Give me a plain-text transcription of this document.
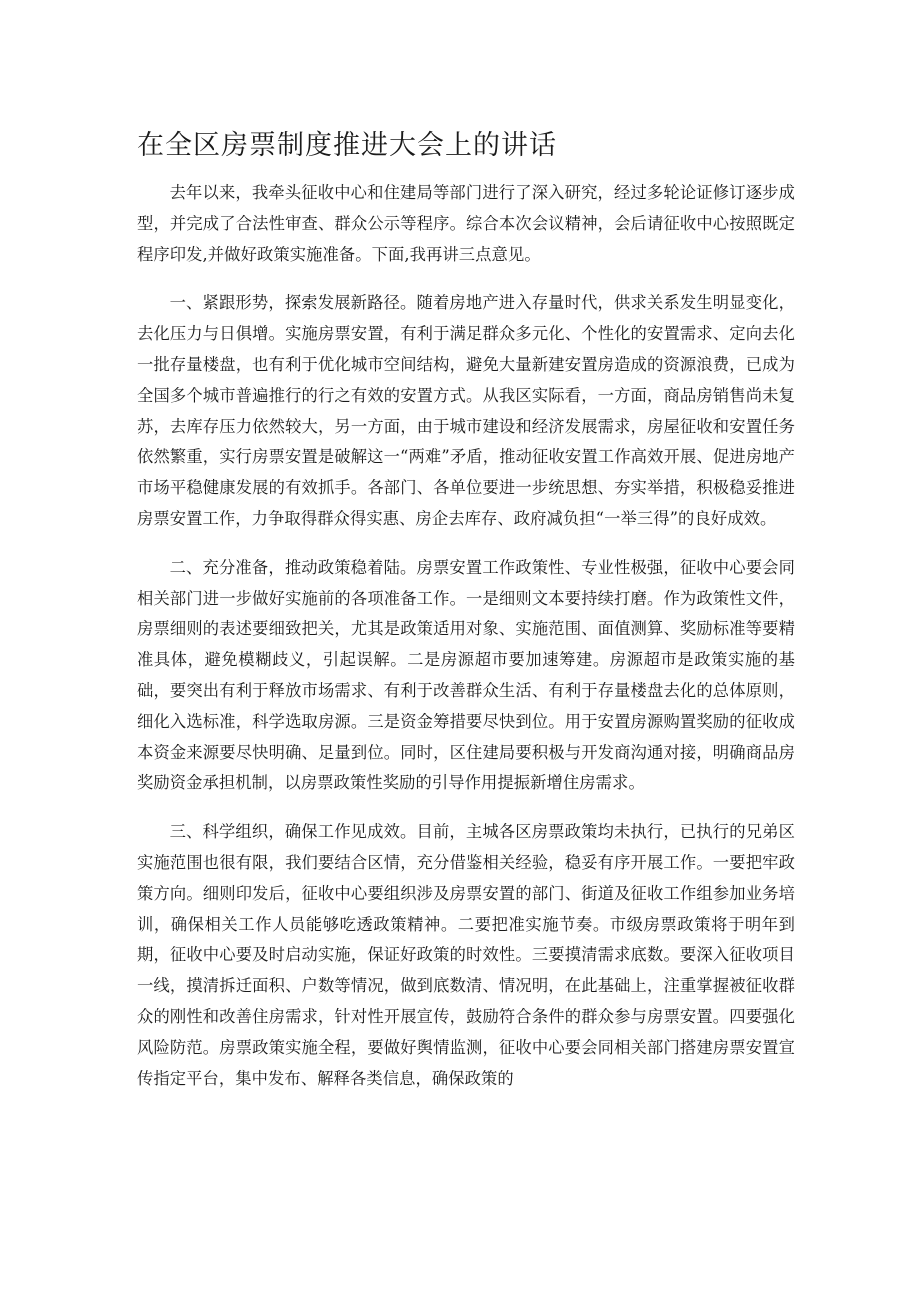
在全区房票制度推进大会上的讲话

去年以来，我牵头征收中心和住建局等部门进行了深入研究，经过多轮论证修订逐步成型，并完成了合法性审查、群众公示等程序。综合本次会议精神，会后请征收中心按照既定程序印发,并做好政策实施准备。下面,我再讲三点意见。

一、紧跟形势，探索发展新路径。随着房地产进入存量时代，供求关系发生明显变化，去化压力与日俱增。实施房票安置，有利于满足群众多元化、个性化的安置需求、定向去化一批存量楼盘，也有利于优化城市空间结构，避免大量新建安置房造成的资源浪费，已成为全国多个城市普遍推行的行之有效的安置方式。从我区实际看，一方面，商品房销售尚未复苏，去库存压力依然较大，另一方面，由于城市建设和经济发展需求，房屋征收和安置任务依然繁重，实行房票安置是破解这一“两难”矛盾，推动征收安置工作高效开展、促进房地产市场平稳健康发展的有效抓手。各部门、各单位要进一步统思想、夯实举措，积极稳妥推进房票安置工作，力争取得群众得实惠、房企去库存、政府减负担“一举三得”的良好成效。

二、充分准备，推动政策稳着陆。房票安置工作政策性、专业性极强，征收中心要会同相关部门进一步做好实施前的各项准备工作。一是细则文本要持续打磨。作为政策性文件，房票细则的表述要细致把关，尤其是政策适用对象、实施范围、面值测算、奖励标准等要精准具体，避免模糊歧义，引起误解。二是房源超市要加速筹建。房源超市是政策实施的基础，要突出有利于释放市场需求、有利于改善群众生活、有利于存量楼盘去化的总体原则，细化入选标准，科学选取房源。三是资金筹措要尽快到位。用于安置房源购置奖励的征收成本资金来源要尽快明确、足量到位。同时，区住建局要积极与开发商沟通对接，明确商品房奖励资金承担机制，以房票政策性奖励的引导作用提振新增住房需求。

三、科学组织，确保工作见成效。目前，主城各区房票政策均未执行，已执行的兄弟区实施范围也很有限，我们要结合区情，充分借鉴相关经验，稳妥有序开展工作。一要把牢政策方向。细则印发后，征收中心要组织涉及房票安置的部门、街道及征收工作组参加业务培训，确保相关工作人员能够吃透政策精神。二要把准实施节奏。市级房票政策将于明年到期，征收中心要及时启动实施，保证好政策的时效性。三要摸清需求底数。要深入征收项目一线，摸清拆迁面积、户数等情况，做到底数清、情况明，在此基础上，注重掌握被征收群众的刚性和改善住房需求，针对性开展宣传，鼓励符合条件的群众参与房票安置。四要强化风险防范。房票政策实施全程，要做好舆情监测，征收中心要会同相关部门搭建房票安置宣传指定平台，集中发布、解释各类信息，确保政策的
